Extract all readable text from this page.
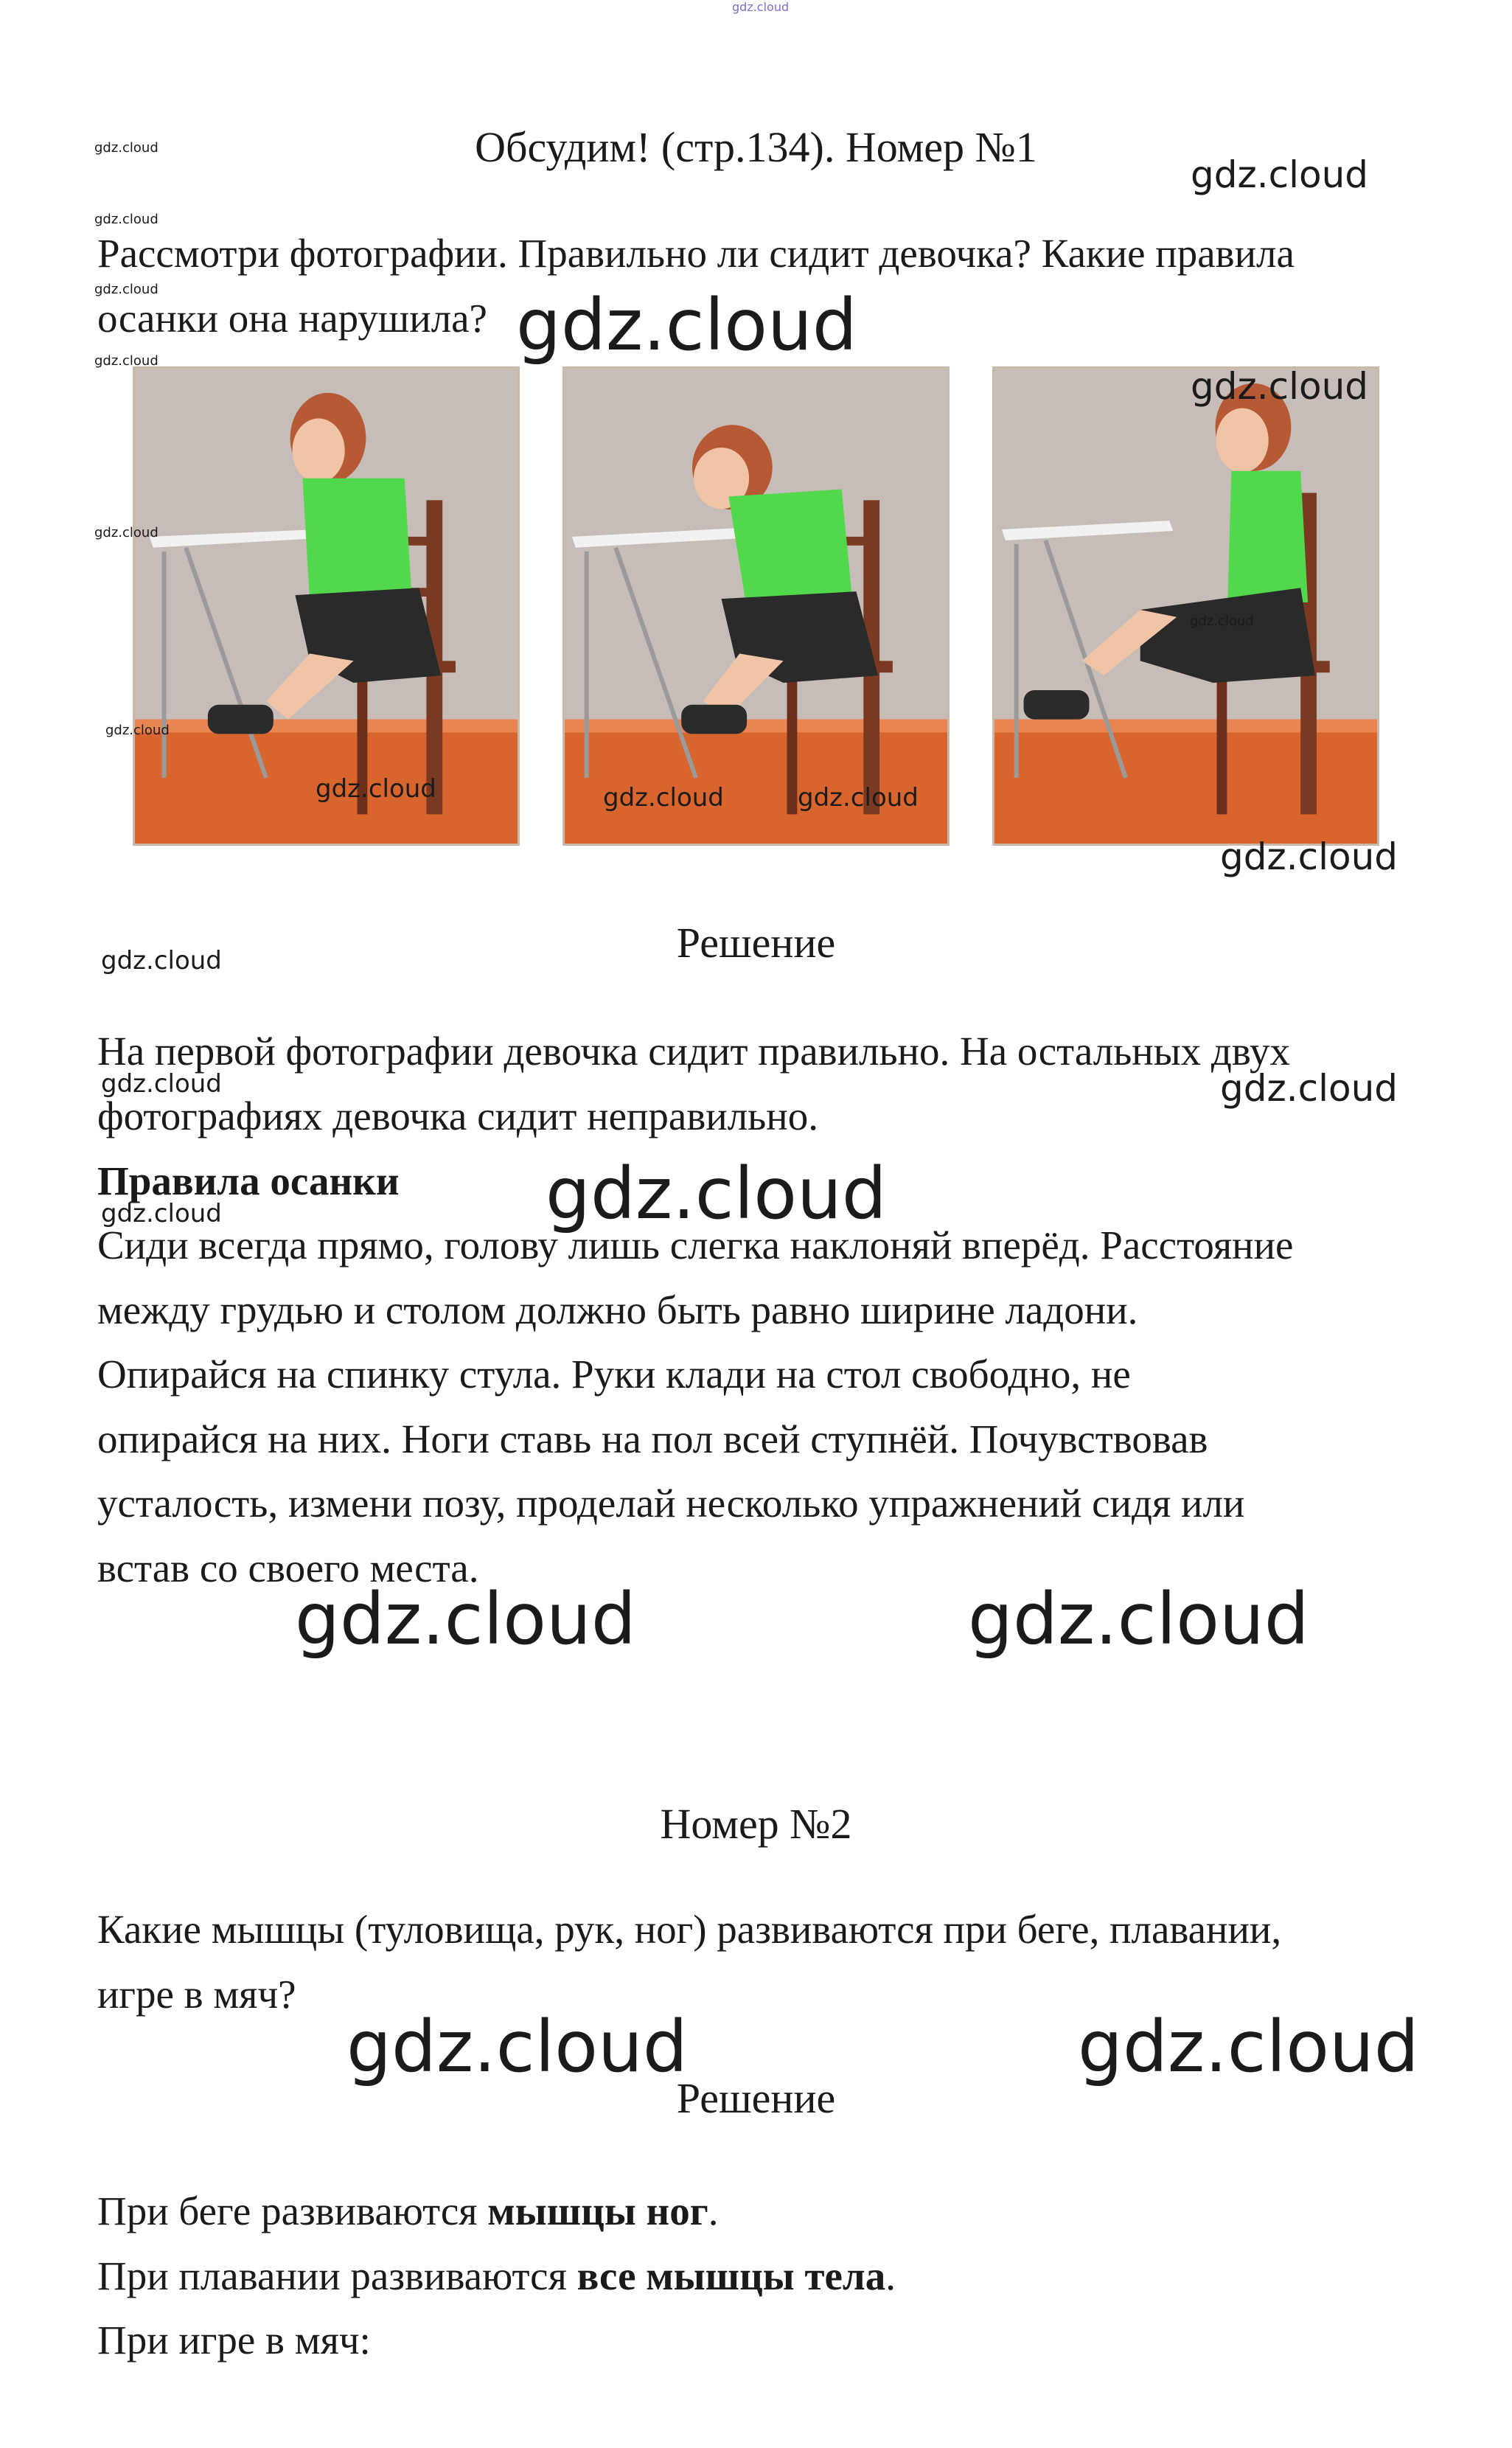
gdz.cloud
Обсудим! (стр.134). Номер №1
Рассмотри фотографии. Правильно ли сидит девочка? Какие правила
осанки она нарушила?
Решение
На первой фотографии девочка сидит правильно. На остальных двух
фотографиях девочка сидит неправильно.
Правила осанки
Сиди всегда прямо, голову лишь слегка наклоняй вперёд. Расстояние
между грудью и столом должно быть равно ширине ладони.
Опирайся на спинку стула. Руки клади на стол свободно, не
опирайся на них. Ноги ставь на пол всей ступнёй. Почувствовав
усталость, измени позу, проделай несколько упражнений сидя или
встав со своего места.
Номер №2
Какие мышцы (туловища, рук, ног) развиваются при беге, плавании,
игре в мяч?
Решение
При беге развиваются мышцы ног.
При плавании развиваются все мышцы тела.
При игре в мяч:
gdz.cloud
gdz.cloud
gdz.cloud
gdz.cloud
gdz.cloud
gdz.cloud
gdz.cloud
gdz.cloud	gdz.cloud	gdz.cloud
gdz.cloud
gdz.cloud
gdz.cloud
gdz.cloud
gdz.cloud
gdz.cloud
gdz.cloud
gdz.cloud
gdz.cloud
gdz.cloud	gdz.cloud
gdz.cloud	gdz.cloud
